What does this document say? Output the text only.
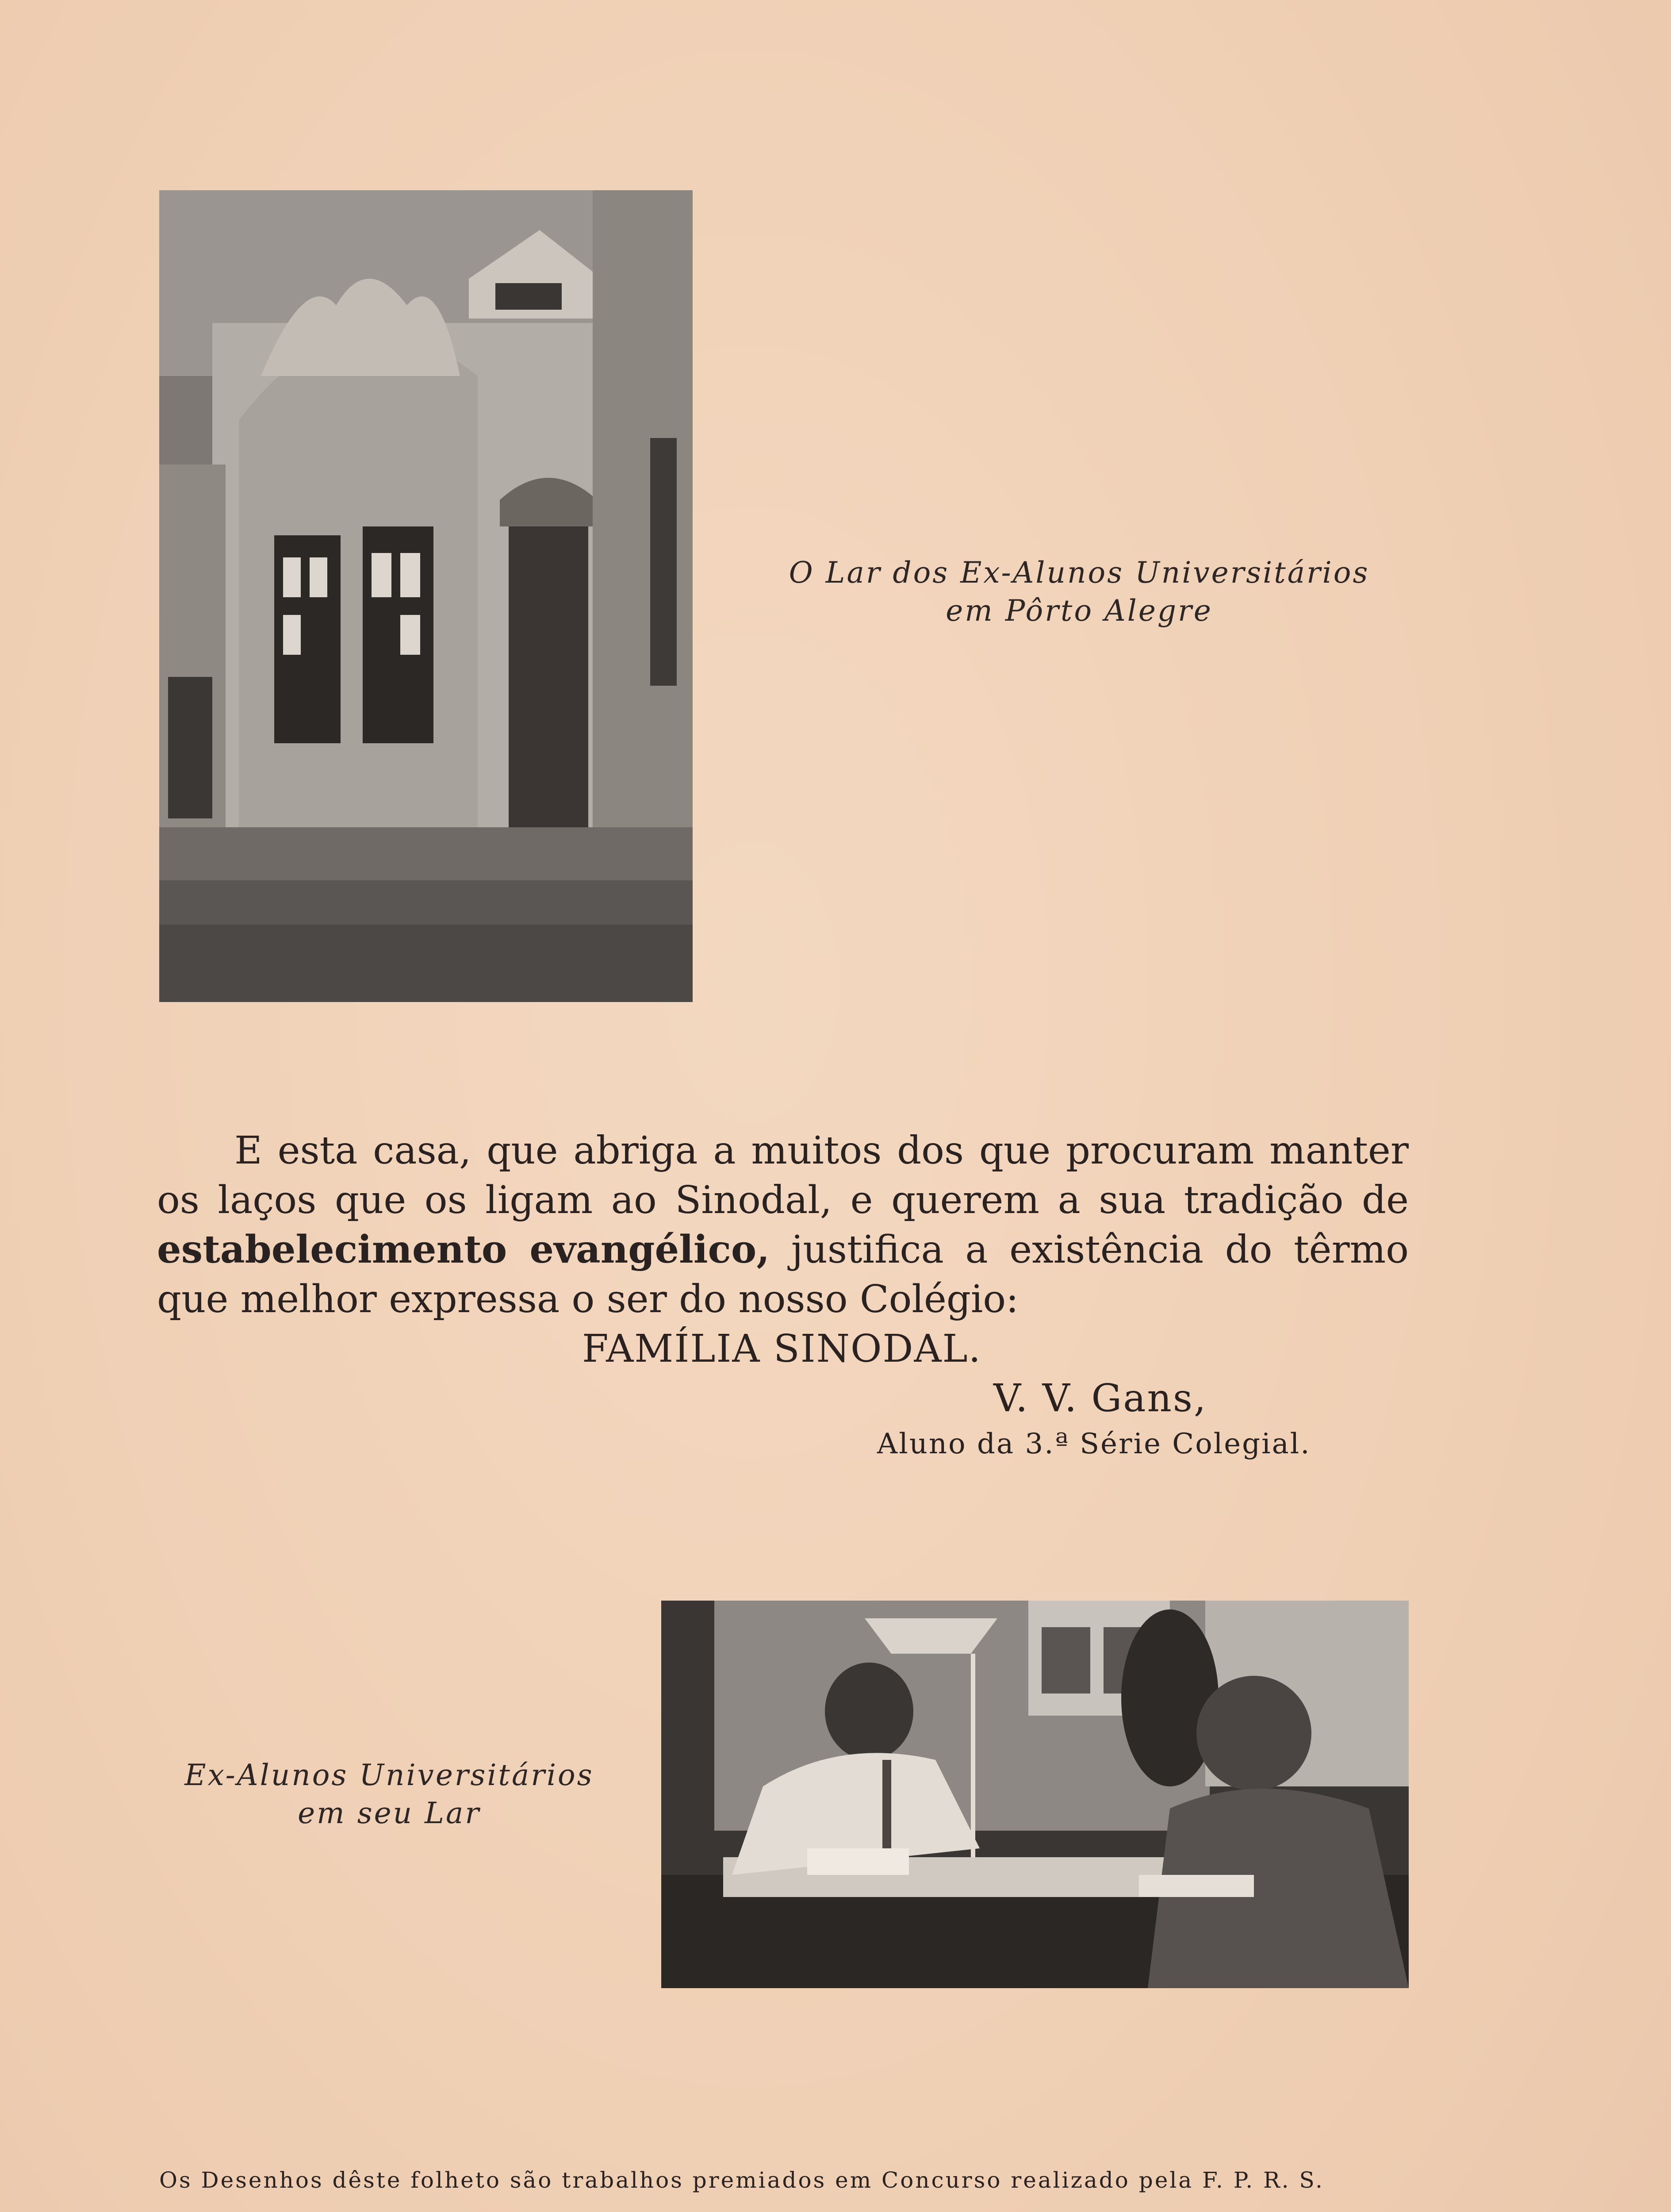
O Lar dos Ex-Alunos Universitários
em Pôrto Alegre

E esta casa, que abriga a muitos dos que procuram manter os laços que os ligam ao Sinodal, e querem a sua tradição de estabelecimento evangélico, justifica a existência do têrmo que melhor expressa o ser do nosso Colégio:

FAMÍLIA SINODAL.
V. V. Gans,
Aluno da 3.ª Série Colegial.
Ex-Alunos Universitários
em seu Lar
Os Desenhos dêste folheto são trabalhos premiados em Concurso realizado pela F. P. R. S.
